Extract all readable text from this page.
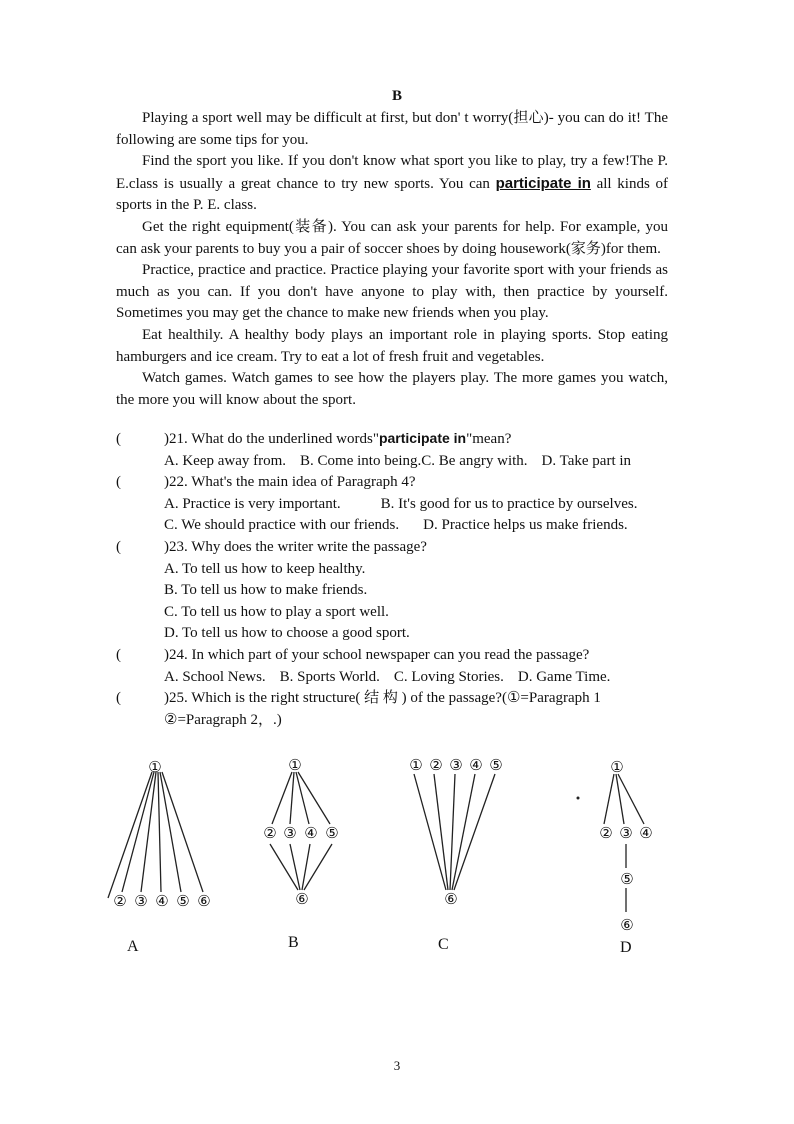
B

Playing a sport well may be difficult at first, but don' t worry(担心)- you can do it! The following are some tips for you.

Find the sport you like. If you don't know what sport you like to play, try a few!The P. E.class is usually a great chance to try new sports. You can participate in all kinds of sports in the P. E. class.

Get the right equipment(装备). You can ask your parents for help. For example, you can ask your parents to buy you a pair of soccer shoes by doing housework(家务)for them.

Practice, practice and practice. Practice playing your favorite sport with your friends as much as you can. If you don't have anyone to play with, then practice by yourself. Sometimes you may get the chance to make new friends when you play.

Eat healthily. A healthy body plays an important role in playing sports. Stop eating hamburgers and ice cream. Try to eat a lot of fresh fruit and vegetables.

Watch games. Watch games to see how the players play. The more games you watch, the more you will know about the sport.

(	)21. What do the underlined words"participate in"mean?
A. Keep away from. B. Come into being.C. Be angry with. D. Take part in
(	)22. What's the main idea of Paragraph 4?
A. Practice is very important.	B. It's good for us to practice by ourselves.
C. We should practice with our friends. D. Practice helps us make friends.
(	)23. Why does the writer write the passage?
A. To tell us how to keep healthy.
B. To tell us how to make friends.
C. To tell us how to play a sport well.
D. To tell us how to choose a good sport.
(	)24. In which part of your school newspaper can you read the passage?
A. School News. B. Sports World. C. Loving Stories. D. Game Time.
(	)25. Which is the right structure( 结 构 ) of the passage?(①=Paragraph 1
②=Paragraph 2，.)
①
② ③ ④ ⑤ ⑥
①
② ③ ④ ⑤
⑥
① ② ③ ④ ⑤
⑥
①
② ③ ④
⑤
⑥
A	B	C	D
3
